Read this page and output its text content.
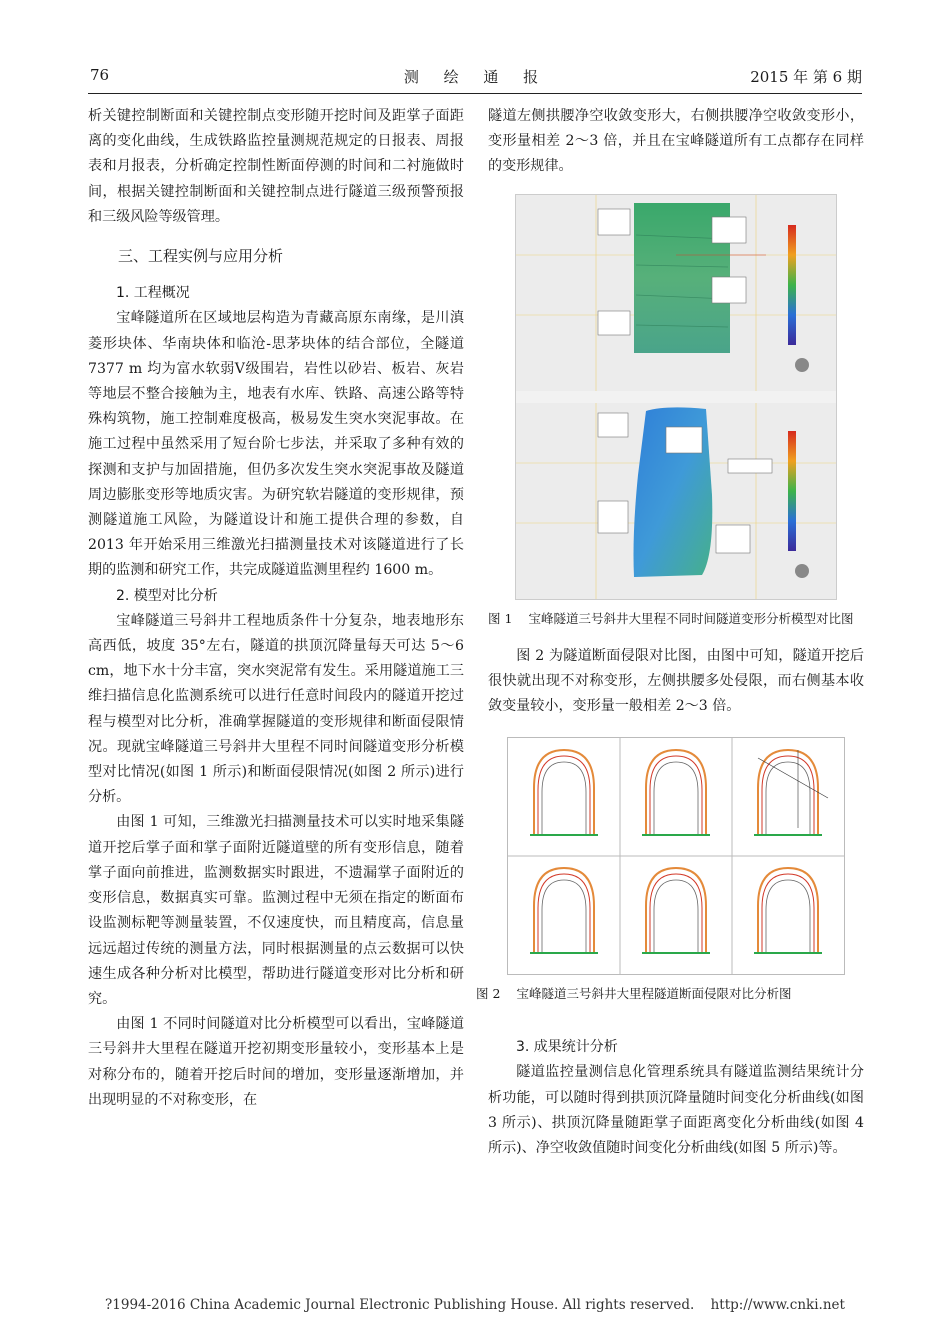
76	测 绘 通 报	2015 年 第 6 期

析关键控制断面和关键控制点变形随开挖时间及距掌子面距离的变化曲线，生成铁路监控量测规范规定的日报表、周报表和月报表，分析确定控制性断面停测的时间和二衬施做时间，根据关键控制断面和关键控制点进行隧道三级预警预报和三级风险等级管理。

三、工程实例与应用分析
1. 工程概况

宝峰隧道所在区域地层构造为青藏高原东南缘，是川滇菱形块体、华南块体和临沧-思茅块体的结合部位，全隧道 7377 m 均为富水软弱Ⅴ级围岩，岩性以砂岩、板岩、灰岩等地层不整合接触为主，地表有水库、铁路、高速公路等特殊构筑物，施工控制难度极高，极易发生突水突泥事故。在施工过程中虽然采用了短台阶七步法，并采取了多种有效的探测和支护与加固措施，但仍多次发生突水突泥事故及隧道周边膨胀变形等地质灾害。为研究软岩隧道的变形规律，预测隧道施工风险，为隧道设计和施工提供合理的参数，自 2013 年开始采用三维激光扫描测量技术对该隧道进行了长期的监测和研究工作，共完成隧道监测里程约 1600 m。

2. 模型对比分析

宝峰隧道三号斜井工程地质条件十分复杂，地表地形东高西低，坡度 35°左右，隧道的拱顶沉降量每天可达 5～6 cm，地下水十分丰富，突水突泥常有发生。采用隧道施工三维扫描信息化监测系统可以进行任意时间段内的隧道开挖过程与模型对比分析，准确掌握隧道的变形规律和断面侵限情况。现就宝峰隧道三号斜井大里程不同时间隧道变形分析模型对比情况(如图 1 所示)和断面侵限情况(如图 2 所示)进行分析。

由图 1 可知，三维激光扫描测量技术可以实时地采集隧道开挖后掌子面和掌子面附近隧道壁的所有变形信息，随着掌子面向前推进，监测数据实时跟进，不遗漏掌子面附近的变形信息，数据真实可靠。监测过程中无须在指定的断面布设监测标靶等测量装置，不仅速度快，而且精度高，信息量远远超过传统的测量方法，同时根据测量的点云数据可以快速生成各种分析对比模型，帮助进行隧道变形对比分析和研究。

由图 1 不同时间隧道对比分析模型可以看出，宝峰隧道三号斜井大里程在隧道开挖初期变形量较小，变形基本上是对称分布的，随着开挖后时间的增加，变形量逐渐增加，并出现明显的不对称变形，在

隧道左侧拱腰净空收敛变形大，右侧拱腰净空收敛变形小，变形量相差 2～3 倍，并且在宝峰隧道所有工点都存在同样的变形规律。

图 1 宝峰隧道三号斜井大里程不同时间隧道变形分析模型对比图

图 2 为隧道断面侵限对比图，由图中可知，隧道开挖后很快就出现不对称变形，左侧拱腰多处侵限，而右侧基本收敛变量较小，变形量一般相差 2～3 倍。

图 2 宝峰隧道三号斜井大里程隧道断面侵限对比分析图
3. 成果统计分析

隧道监控量测信息化管理系统具有隧道监测结果统计分析功能，可以随时得到拱顶沉降量随时间变化分析曲线(如图 3 所示)、拱顶沉降量随距掌子面距离变化分析曲线(如图 4 所示)、净空收敛值随时间变化分析曲线(如图 5 所示)等。

?1994-2016 China Academic Journal Electronic Publishing House. All rights reserved. http://www.cnki.net
